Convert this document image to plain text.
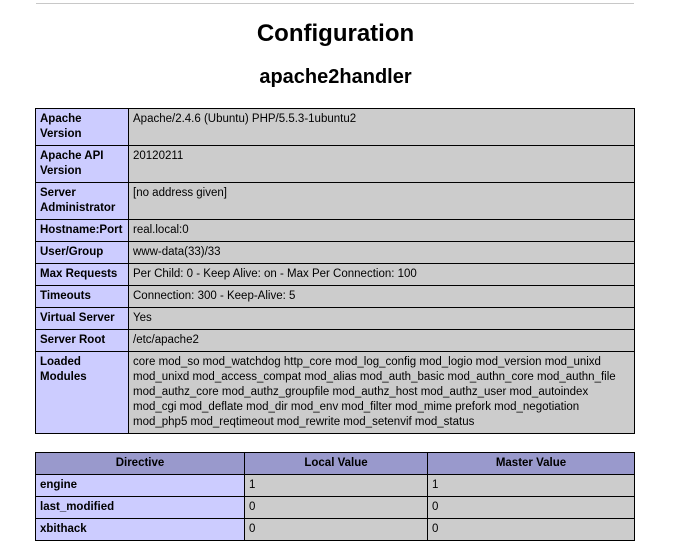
Configuration
apache2handler
Apache Version	Apache/2.4.6 (Ubuntu) PHP/5.5.3-1ubuntu2
Apache API Version	20120211
Server Administrator	[no address given]
Hostname:Port	real.local:0
User/Group	www-data(33)/33
Max Requests	Per Child: 0 - Keep Alive: on - Max Per Connection: 100
Timeouts	Connection: 300 - Keep-Alive: 5
Virtual Server	Yes
Server Root	/etc/apache2
Loaded Modules	core mod_so mod_watchdog http_core mod_log_config mod_logio mod_version mod_unixd mod_unixd mod_access_compat mod_alias mod_auth_basic mod_authn_core mod_authn_file mod_authz_core mod_authz_groupfile mod_authz_host mod_authz_user mod_autoindex mod_cgi mod_deflate mod_dir mod_env mod_filter mod_mime prefork mod_negotiation mod_php5 mod_reqtimeout mod_rewrite mod_setenvif mod_status
Directive	Local Value	Master Value
engine	1	1
last_modified	0	0
xbithack	0	0
